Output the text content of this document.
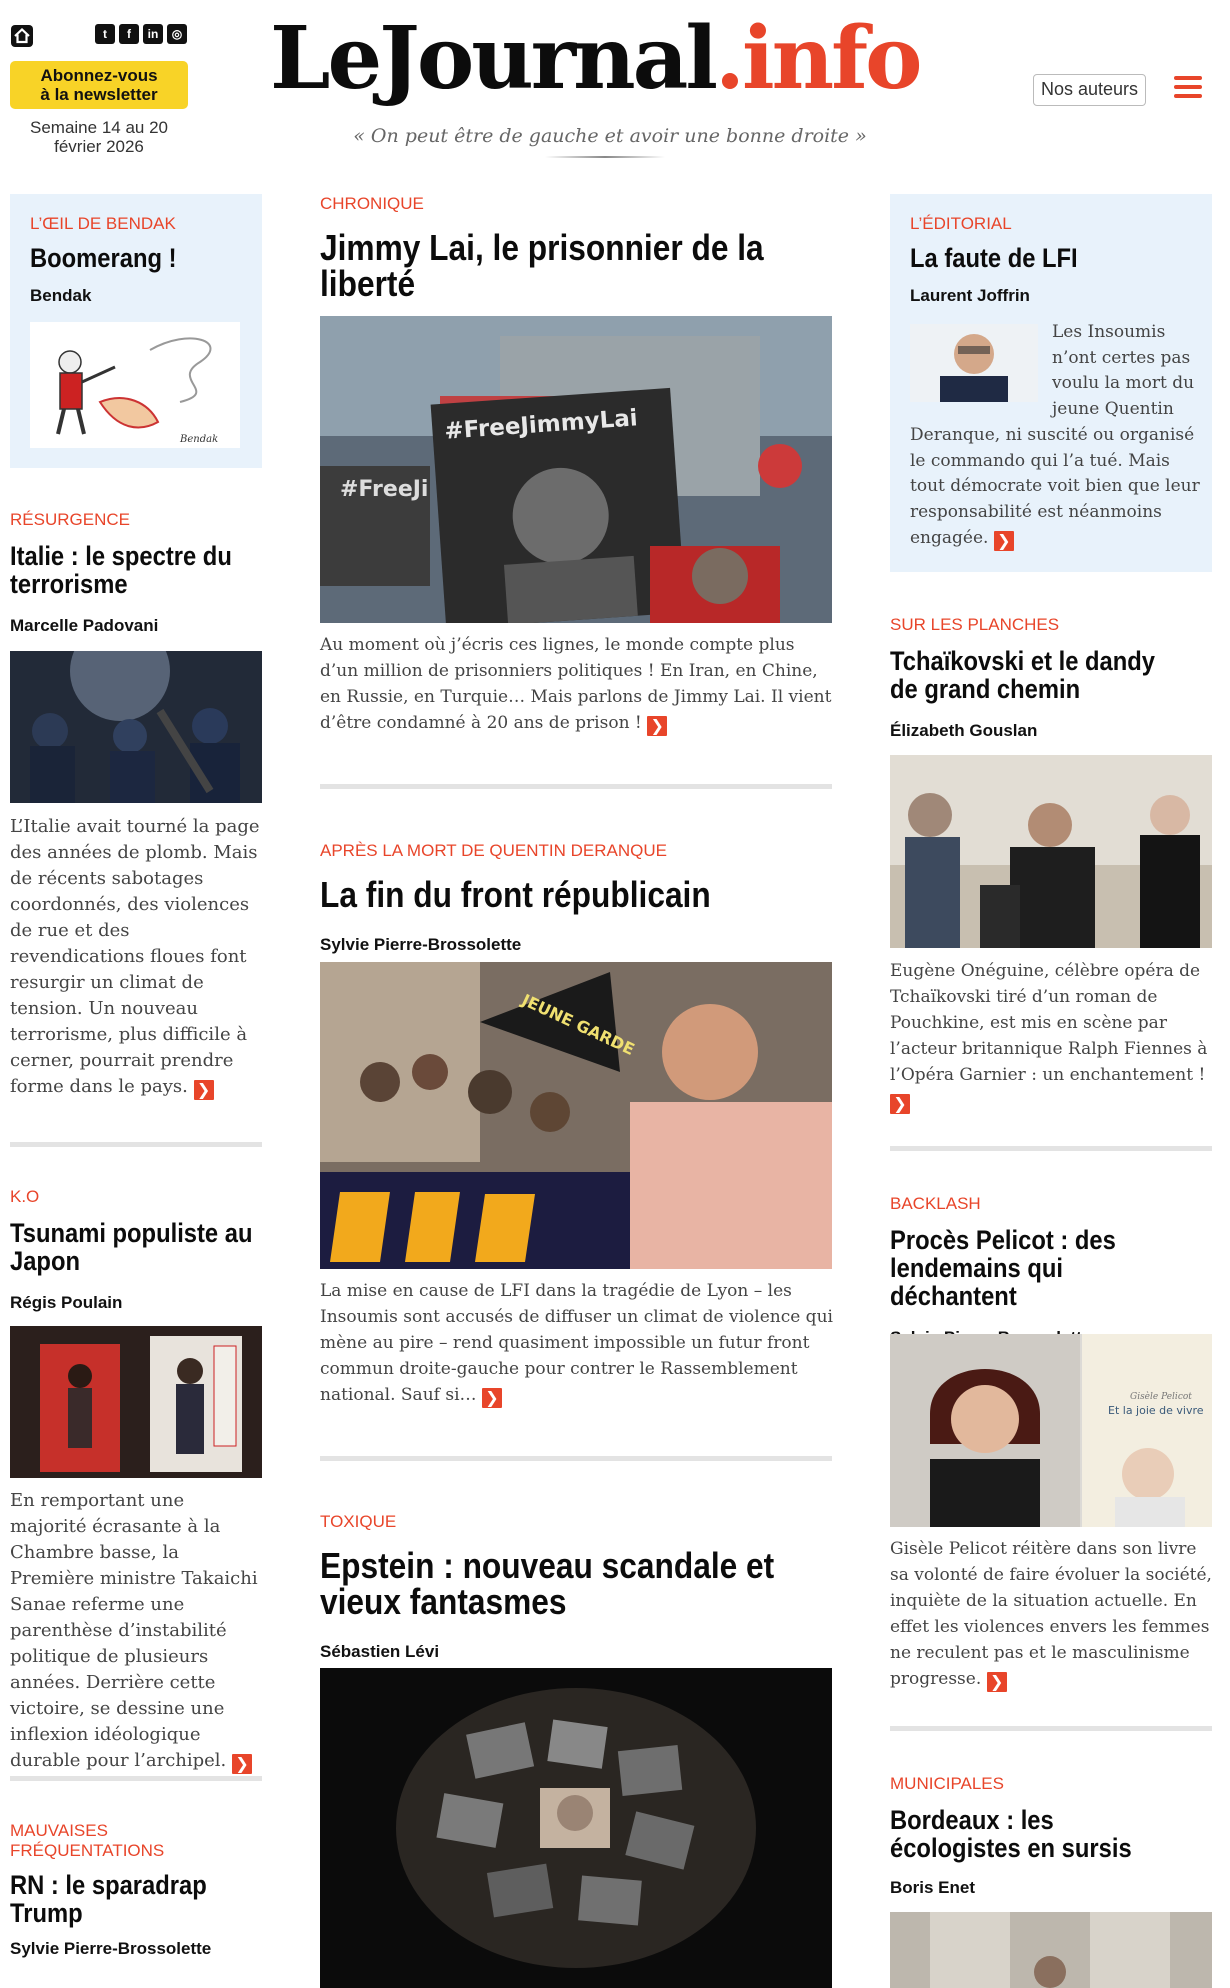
t	f	in	◎
Abonnez-vous
à la newsletter
Semaine 14 au 20
février 2026
LeJournal.info
« On peut être de gauche et avoir une bonne droite »
Nos auteurs
L’ŒIL DE BENDAK
Boomerang !
Bendak
Bendak
RÉSURGENCE
Italie : le spectre du terrorisme
Marcelle Padovani
L’Italie avait tourné la page des années de plomb. Mais de récents sabotages coordonnés, des violences de rue et des revendications floues font resurgir un climat de tension. Un nouveau terrorisme, plus difficile à cerner, pourrait prendre forme dans le pays. ❯
K.O
Tsunami populiste au Japon
Régis Poulain
En remportant une majorité écrasante à la Chambre basse, la Première ministre Takaichi Sanae referme une parenthèse d’instabilité politique de plusieurs années. Derrière cette victoire, se dessine une inflexion idéologique durable pour l’archipel. ❯
MAUVAISES FRÉQUENTATIONS
RN : le sparadrap Trump
Sylvie Pierre-Brossolette
CHRONIQUE
Jimmy Lai, le prisonnier de la liberté
#FreeJi
#FreeJimmyLai
Au moment où j’écris ces lignes, le monde compte plus d’un million de prisonniers politiques ! En Iran, en Chine, en Russie, en Turquie… Mais parlons de Jimmy Lai. Il vient d’être condamné à 20 ans de prison ! ❯
APRÈS LA MORT DE QUENTIN DERANQUE
La fin du front républicain
Sylvie Pierre-Brossolette
JEUNE GARDE
La mise en cause de LFI dans la tragédie de Lyon – les Insoumis sont accusés de diffuser un climat de violence qui mène au pire – rend quasiment impossible un futur front commun droite-gauche pour contrer le Rassemblement national. Sauf si… ❯
TOXIQUE
Epstein : nouveau scandale et vieux fantasmes
Sébastien Lévi
L’ÉDITORIAL
La faute de LFI
Laurent Joffrin
Les Insoumis n’ont certes pas voulu la mort du jeune Quentin Deranque, ni suscité ou organisé le commando qui l’a tué. Mais tout démocrate voit bien que leur responsabilité est néanmoins engagée. ❯
SUR LES PLANCHES
Tchaïkovski et le dandy de grand chemin
Élizabeth Gouslan
Eugène Onéguine, célèbre opéra de Tchaïkovski tiré d’un roman de Pouchkine, est mis en scène par l’acteur britannique Ralph Fiennes à l’Opéra Garnier : un enchantement ! ❯
BACKLASH
Procès Pelicot : des lendemains qui déchantent
Gisèle Pelicot
Et la joie de vivre
Gisèle Pelicot réitère dans son livre sa volonté de faire évoluer la société, inquiète de la situation actuelle. En effet les violences envers les femmes ne reculent pas et le masculinisme progresse. ❯
MUNICIPALES
Bordeaux : les écologistes en sursis
Boris Enet
